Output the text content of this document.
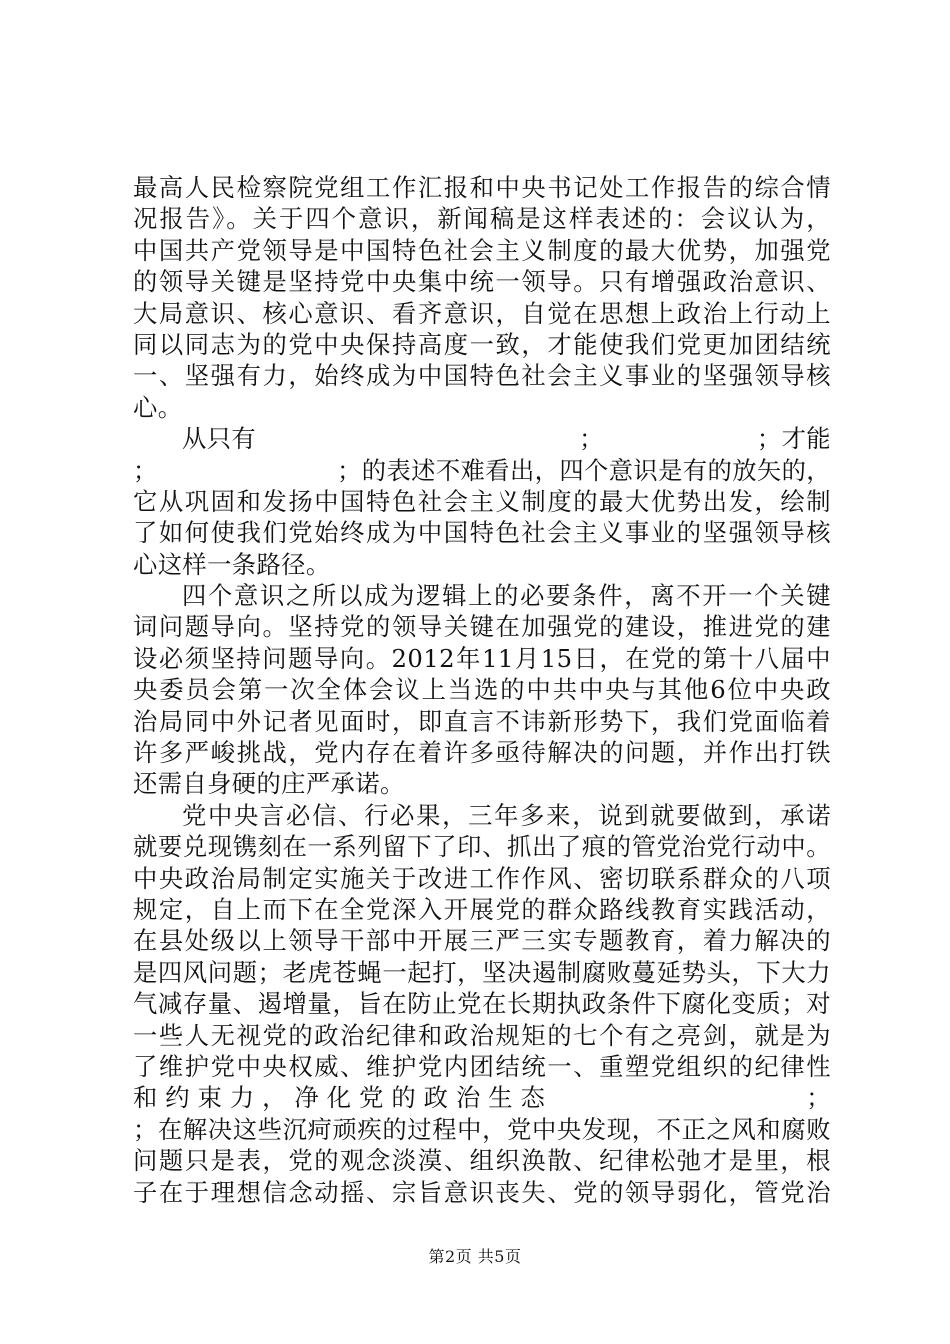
最高人民检察院党组工作汇报和中央书记处工作报告的综合情
况报告》。关于四个意识，新闻稿是这样表述的：会议认为，
中国共产党领导是中国特色社会主义制度的最大优势，加强党
的领导关键是坚持党中央集中统一领导。只有增强政治意识、
大局意识、核心意识、看齐意识，自觉在思想上政治上行动上
同以同志为的党中央保持高度一致，才能使我们党更加团结统
一、坚强有力，始终成为中国特色社会主义事业的坚强领导核
心。
从只有	；	；才能
；	；的表述不难看出，四个意识是有的放矢的，
它从巩固和发扬中国特色社会主义制度的最大优势出发，绘制
了如何使我们党始终成为中国特色社会主义事业的坚强领导核
心这样一条路径。
四个意识之所以成为逻辑上的必要条件，离不开一个关键
词问题导向。坚持党的领导关键在加强党的建设，推进党的建
设必须坚持问题导向。2012年11月15日，在党的第十八届中
央委员会第一次全体会议上当选的中共中央与其他6位中央政
治局同中外记者见面时，即直言不讳新形势下，我们党面临着
许多严峻挑战，党内存在着许多亟待解决的问题，并作出打铁
还需自身硬的庄严承诺。
党中央言必信、行必果，三年多来，说到就要做到，承诺
就要兑现镌刻在一系列留下了印、抓出了痕的管党治党行动中。
中央政治局制定实施关于改进工作作风、密切联系群众的八项
规定，自上而下在全党深入开展党的群众路线教育实践活动，
在县处级以上领导干部中开展三严三实专题教育，着力解决的
是四风问题；老虎苍蝇一起打，坚决遏制腐败蔓延势头，下大力
气减存量、遏增量，旨在防止党在长期执政条件下腐化变质；对
一些人无视党的政治纪律和政治规矩的七个有之亮剑，就是为
了维护党中央权威、维护党内团结统一、重塑党组织的纪律性
和约束力，净化党的政治生态	；
；在解决这些沉疴顽疾的过程中，党中央发现，不正之风和腐败
问题只是表，党的观念淡漠、组织涣散、纪律松弛才是里，根
子在于理想信念动摇、宗旨意识丧失、党的领导弱化，管党治
第2页 共5页
